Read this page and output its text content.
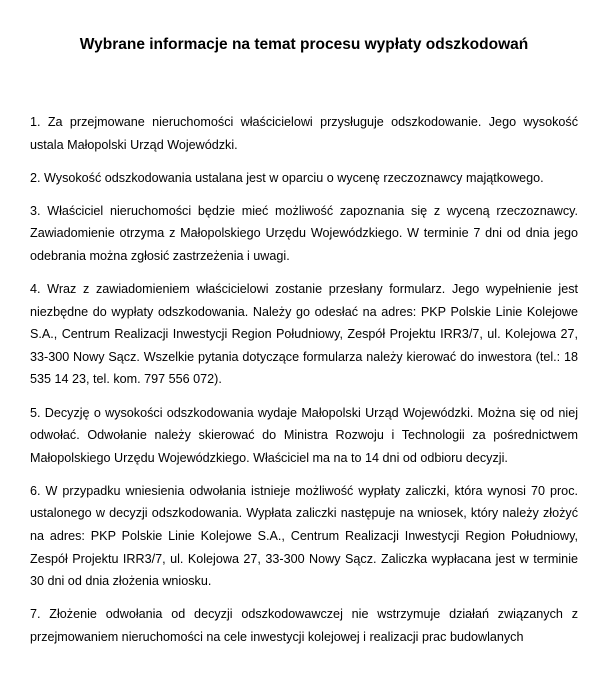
Wybrane informacje na temat procesu wypłaty odszkodowań

1. Za przejmowane nieruchomości właścicielowi przysługuje odszkodowanie. Jego wysokość ustala Małopolski Urząd Wojewódzki.

2. Wysokość odszkodowania ustalana jest w oparciu o wycenę rzeczoznawcy majątkowego.

3. Właściciel nieruchomości będzie mieć możliwość zapoznania się z wyceną rzeczoznawcy. Zawiadomienie otrzyma z Małopolskiego Urzędu Wojewódzkiego. W terminie 7 dni od dnia jego odebrania można zgłosić zastrzeżenia i uwagi.

4. Wraz z zawiadomieniem właścicielowi zostanie przesłany formularz. Jego wypełnienie jest niezbędne do wypłaty odszkodowania. Należy go odesłać na adres: PKP Polskie Linie Kolejowe S.A., Centrum Realizacji Inwestycji Region Południowy, Zespół Projektu IRR3/7, ul. Kolejowa 27, 33-300 Nowy Sącz. Wszelkie pytania dotyczące formularza należy kierować do inwestora (tel.: 18 535 14 23, tel. kom. 797 556 072).

5. Decyzję o wysokości odszkodowania wydaje Małopolski Urząd Wojewódzki. Można się od niej odwołać. Odwołanie należy skierować do Ministra Rozwoju i Technologii za pośrednictwem Małopolskiego Urzędu Wojewódzkiego. Właściciel ma na to 14 dni od odbioru decyzji.

6. W przypadku wniesienia odwołania istnieje możliwość wypłaty zaliczki, która wynosi 70 proc. ustalonego w decyzji odszkodowania. Wypłata zaliczki następuje na wniosek, który należy złożyć na adres: PKP Polskie Linie Kolejowe S.A., Centrum Realizacji Inwestycji Region Południowy, Zespół Projektu IRR3/7, ul. Kolejowa 27, 33-300 Nowy Sącz. Zaliczka wypłacana jest w terminie 30 dni od dnia złożenia wniosku.

7. Złożenie odwołania od decyzji odszkodowawczej nie wstrzymuje działań związanych z przejmowaniem nieruchomości na cele inwestycji kolejowej i realizacji prac budowlanych
